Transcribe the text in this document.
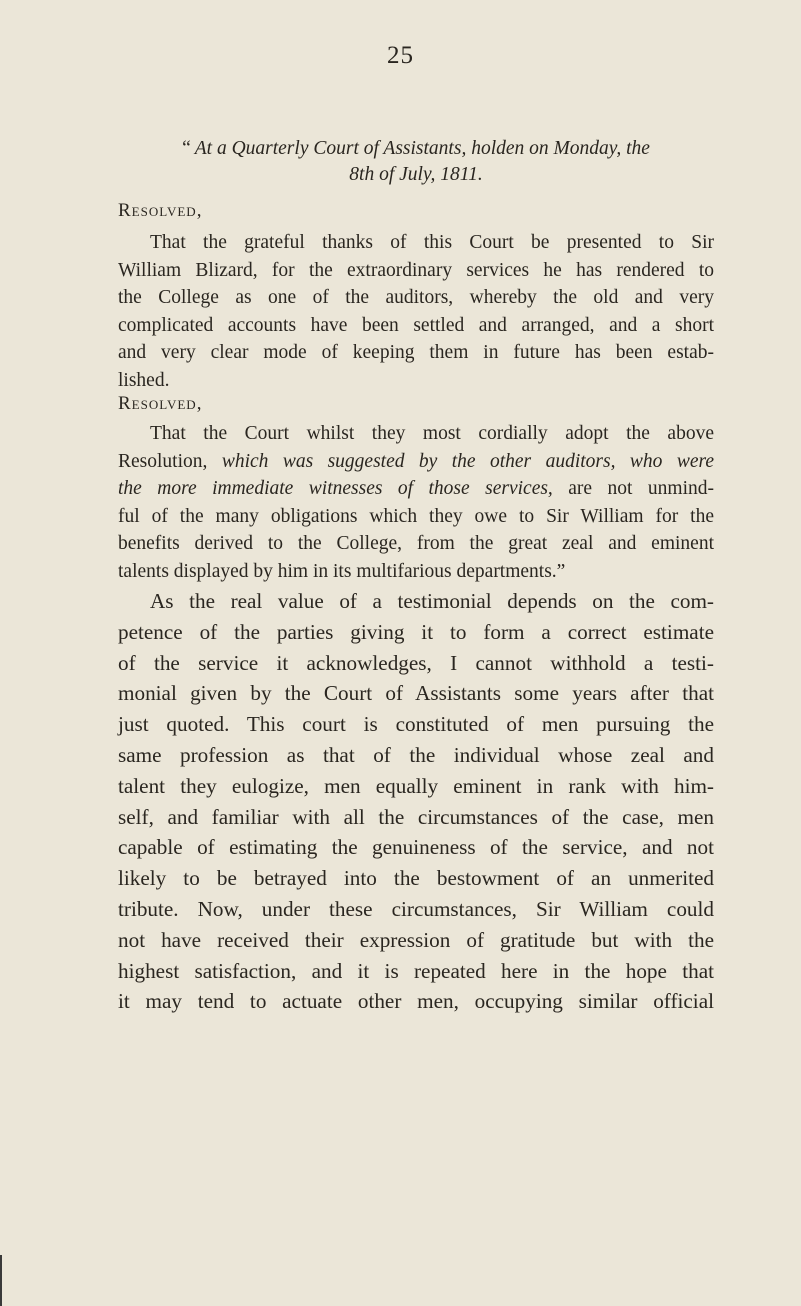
25
“ At a Quarterly Court of Assistants, holden on Monday, the
8th of July, 1811.
Resolved,
That the grateful thanks of this Court be presented to Sir
William Blizard, for the extraordinary services he has rendered to
the College as one of the auditors, whereby the old and very
complicated accounts have been settled and arranged, and a short
and very clear mode of keeping them in future has been estab-
lished.
Resolved,
That the Court whilst they most cordially adopt the above
Resolution, which was suggested by the other auditors, who were
the more immediate witnesses of those services, are not unmind-
ful of the many obligations which they owe to Sir William for the
benefits derived to the College, from the great zeal and eminent
talents displayed by him in its multifarious departments.”
As the real value of a testimonial depends on the com-
petence of the parties giving it to form a correct estimate
of the service it acknowledges, I cannot withhold a testi-
monial given by the Court of Assistants some years after that
just quoted. This court is constituted of men pursuing the
same profession as that of the individual whose zeal and
talent they eulogize, men equally eminent in rank with him-
self, and familiar with all the circumstances of the case, men
capable of estimating the genuineness of the service, and not
likely to be betrayed into the bestowment of an unmerited
tribute. Now, under these circumstances, Sir William could
not have received their expression of gratitude but with the
highest satisfaction, and it is repeated here in the hope that
it may tend to actuate other men, occupying similar official
